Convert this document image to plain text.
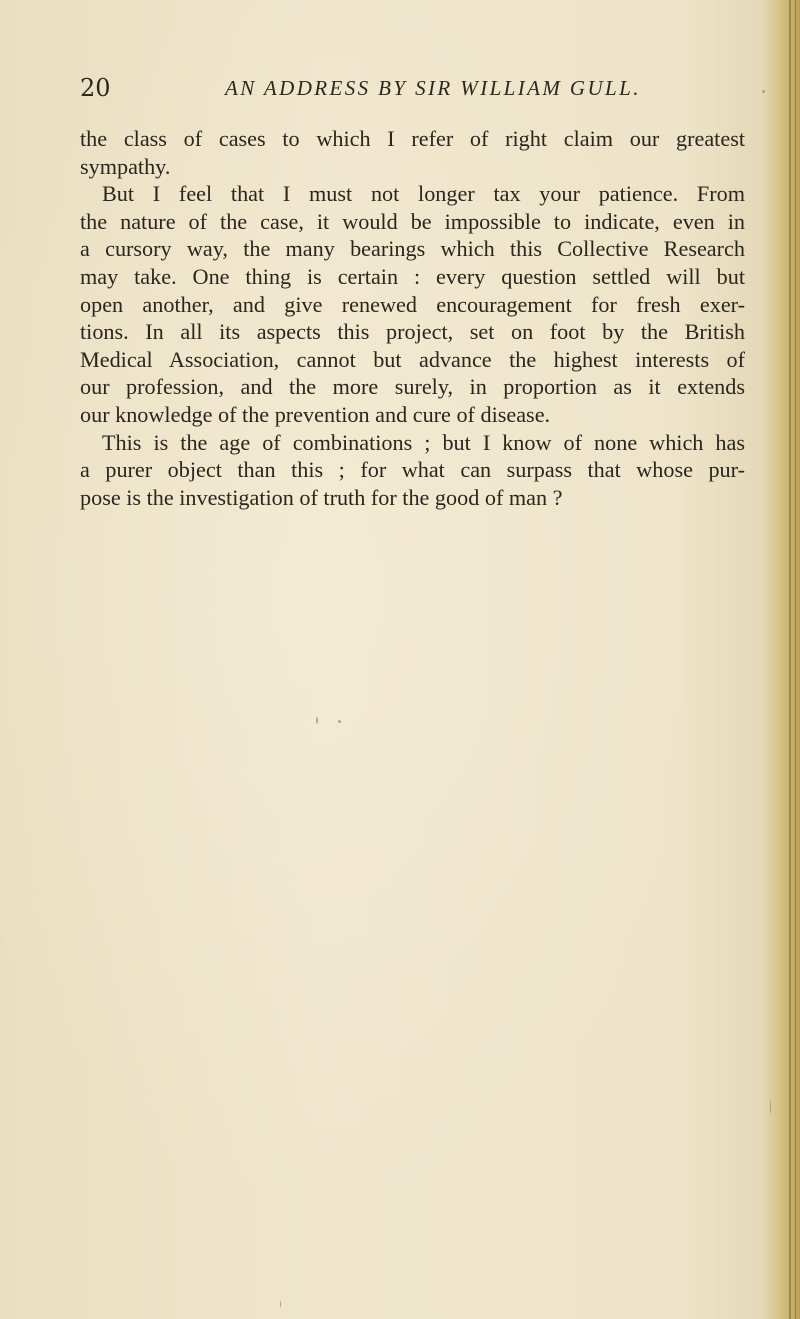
20	AN ADDRESS BY SIR WILLIAM GULL.
the class of cases to which I refer of right claim our greatest
sympathy.
But I feel that I must not longer tax your patience. From
the nature of the case, it would be impossible to indicate, even in
a cursory way, the many bearings which this Collective Research
may take. One thing is certain : every question settled will but
open another, and give renewed encouragement for fresh exer-
tions. In all its aspects this project, set on foot by the British
Medical Association, cannot but advance the highest interests of
our profession, and the more surely, in proportion as it extends
our knowledge of the prevention and cure of disease.
This is the age of combinations ; but I know of none which has
a purer object than this ; for what can surpass that whose pur-
pose is the investigation of truth for the good of man ?
